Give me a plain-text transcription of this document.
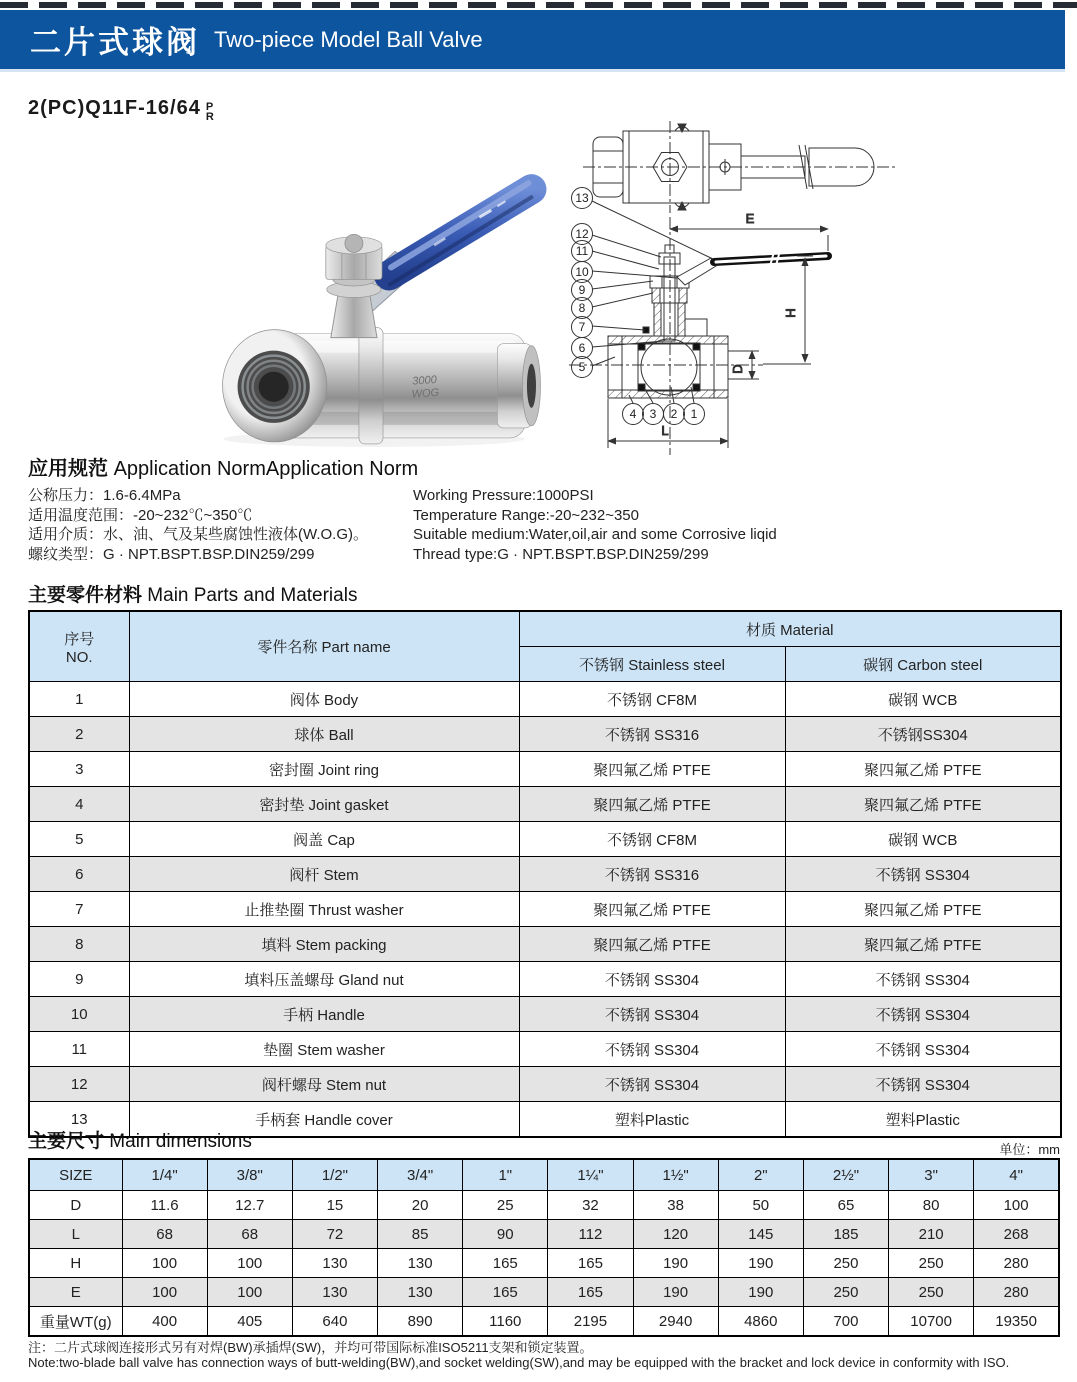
二片式球阀 Two-piece Model Ball Valve
2(PC)Q11F-16/64 P
R
3000
WOG
E
H
D
L
13
12
11
10
9
8
7
6
5
4 3 2 1
应用规范 Application NormApplication Norm
公称压力：1.6-6.4MPa
适用温度范围：-20~232℃~350℃
适用介质：水、油、气及某些腐蚀性液体(W.O.G)。
螺纹类型：G · NPT.BSPT.BSP.DIN259/299
Working Pressure:1000PSI
Temperature Range:-20~232~350
Suitable medium:Water,oil,air and some Corrosive liqid
Thread type:G · NPT.BSPT.BSP.DIN259/299
主要零件材料 Main Parts and Materials
序号
NO.	零件名称 Part name	材质 Material	
		不锈钢 Stainless steel	碳钢 Carbon steel
1	阀体 Body	不锈钢 CF8M	碳钢 WCB
2	球体 Ball	不锈钢 SS316	不锈钢SS304
3	密封圈 Joint ring	聚四氟乙烯 PTFE	聚四氟乙烯 PTFE
4	密封垫 Joint gasket	聚四氟乙烯 PTFE	聚四氟乙烯 PTFE
5	阀盖 Cap	不锈钢 CF8M	碳钢 WCB
6	阀杆 Stem	不锈钢 SS316	不锈钢 SS304
7	止推垫圈 Thrust washer	聚四氟乙烯 PTFE	聚四氟乙烯 PTFE
8	填料 Stem packing	聚四氟乙烯 PTFE	聚四氟乙烯 PTFE
9	填料压盖螺母 Gland nut	不锈钢 SS304	不锈钢 SS304
10	手柄 Handle	不锈钢 SS304	不锈钢 SS304
11	垫圈 Stem washer	不锈钢 SS304	不锈钢 SS304
12	阀杆螺母 Stem nut	不锈钢 SS304	不锈钢 SS304
13	手柄套 Handle cover	塑料Plastic	塑料Plastic
主要尺寸 Main dimensions	单位：mm
SIZE	1/4"	3/8"	1/2"	3/4"	1"	1¼"	1½"	2"	2½"	3"	4"
D	11.6	12.7	15	20	25	32	38	50	65	80	100
L	68	68	72	85	90	112	120	145	185	210	268
H	100	100	130	130	165	165	190	190	250	250	280
E	100	100	130	130	165	165	190	190	250	250	280
重量WT(g)	400	405	640	890	1160	2195	2940	4860	700	10700	19350
注：二片式球阀连接形式另有对焊(BW)承插焊(SW)，并均可带国际标准ISO5211支架和锁定装置。
Note:two-blade ball valve has connection ways of butt-welding(BW),and socket welding(SW),and may be equipped with the bracket and lock device in conformity with ISO.
